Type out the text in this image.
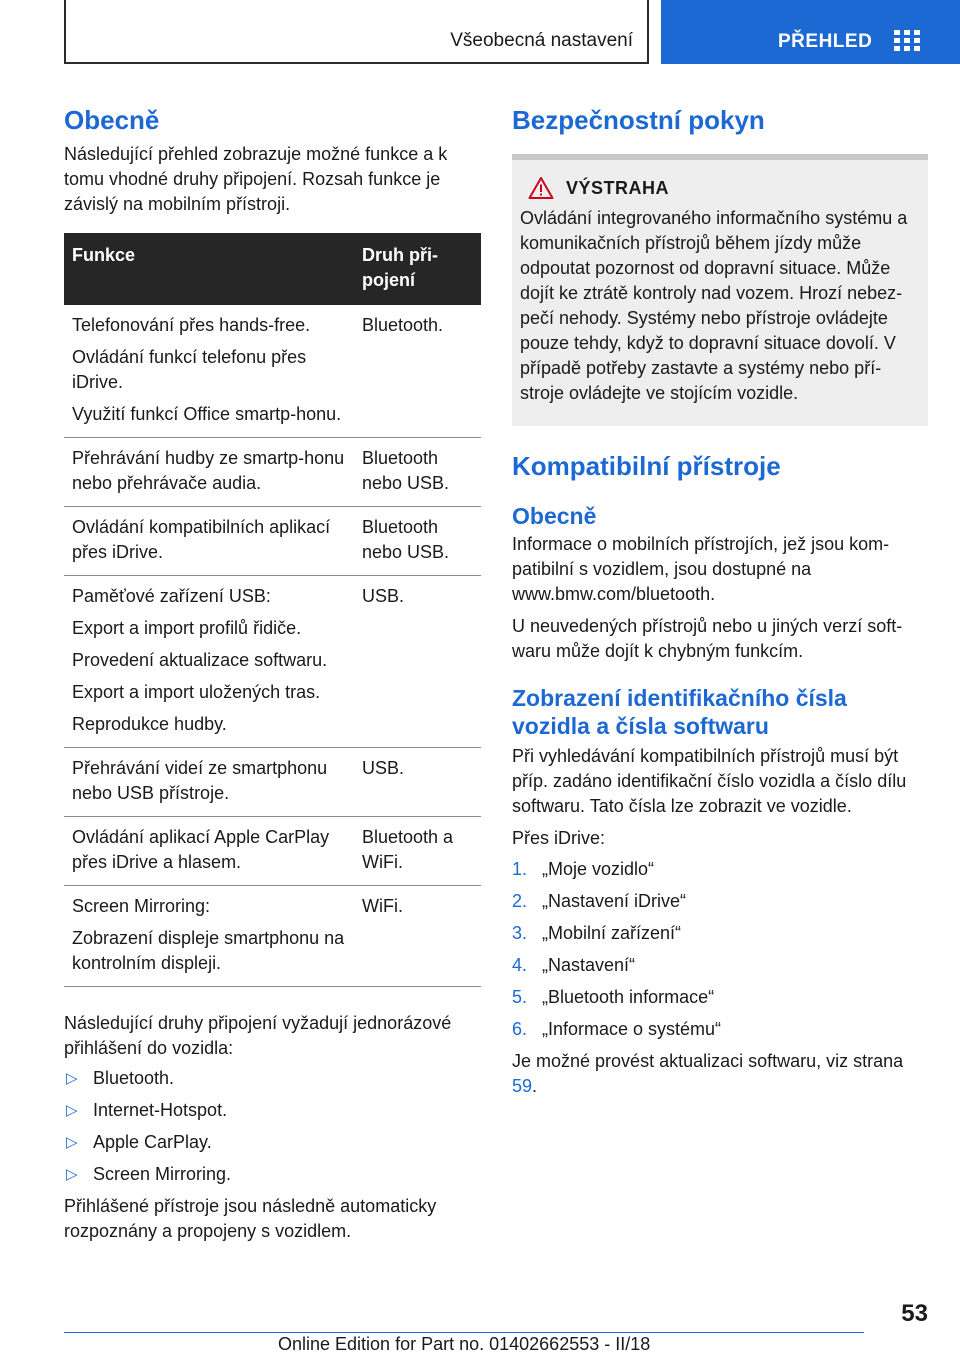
Všeobecná nastavení	PŘEHLED
Obecně

Následující přehled zobrazuje možné funkce a k tomu vhodné druhy připojení. Rozsah funkce je závislý na mobilním přístroji.

Funkce	Druh při-pojení

Telefonování přes hands-free.
Ovládání funkcí telefonu přes iDrive.
Využití funkcí Office smartp-honu.	Bluetooth.

Přehrávání hudby ze smartp-honu nebo přehrávače audia.	Bluetooth nebo USB.

Ovládání kompatibilních aplikací přes iDrive.	Bluetooth nebo USB.

Paměťové zařízení USB:
Export a import profilů řidiče.
Provedení aktualizace softwaru.
Export a import uložených tras.
Reprodukce hudby.	USB.

Přehrávání videí ze smartphonu nebo USB přístroje.	USB.

Ovládání aplikací Apple CarPlay přes iDrive a hlasem.	Bluetooth a WiFi.

Screen Mirroring:
Zobrazení displeje smartphonu na kontrolním displeji.	WiFi.

Následující druhy připojení vyžadují jednorázové přihlášení do vozidla:

▷ Bluetooth.
▷ Internet-Hotspot.
▷ Apple CarPlay.
▷ Screen Mirroring.

Přihlášené přístroje jsou následně automaticky rozpoznány a propojeny s vozidlem.

Bezpečnostní pokyn
VÝSTRAHA

Ovládání integrovaného informačního systému a komunikačních přístrojů během jízdy může odpoutat pozornost od dopravní situace. Může dojít ke ztrátě kontroly nad vozem. Hrozí nebez-pečí nehody. Systémy nebo přístroje ovládejte pouze tehdy, když to dopravní situace dovolí. V případě potřeby zastavte a systémy nebo pří-stroje ovládejte ve stojícím vozidle.

Kompatibilní přístroje
Obecně

Informace o mobilních přístrojích, jež jsou kom-patibilní s vozidlem, jsou dostupné na www.bmw.com/bluetooth.

U neuvedených přístrojů nebo u jiných verzí soft-waru může dojít k chybným funkcím.

Zobrazení identifikačního čísla vozidla a čísla softwaru

Při vyhledávání kompatibilních přístrojů musí být příp. zadáno identifikační číslo vozidla a číslo dílu softwaru. Tato čísla lze zobrazit ve vozidle.

Přes iDrive:

1. „Moje vozidlo“
2. „Nastavení iDrive“
3. „Mobilní zařízení“
4. „Nastavení“
5. „Bluetooth informace“
6. „Informace o systému“

Je možné provést aktualizaci softwaru, viz strana 59.

53
Online Edition for Part no. 01402662553 - II/18
